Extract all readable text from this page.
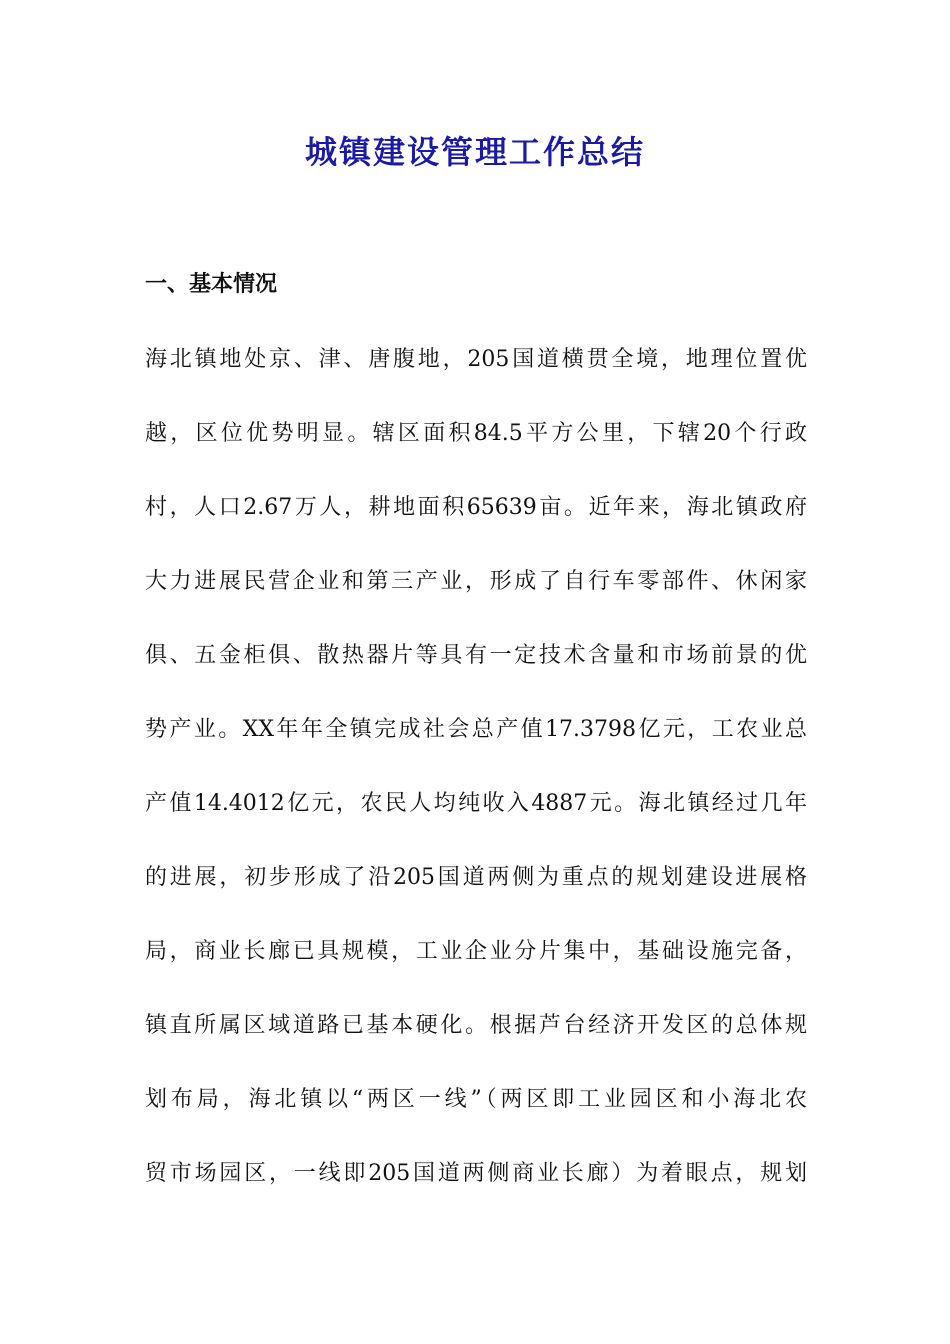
城镇建设管理工作总结
一、基本情况
海北镇地处京、津、唐腹地，205国道横贯全境，地理位置优
越，区位优势明显。辖区面积84.5平方公里，下辖20个行政
村，人口2.67万人，耕地面积65639亩。近年来，海北镇政府
大力进展民营企业和第三产业，形成了自行车零部件、休闲家
俱、五金柜俱、散热器片等具有一定技术含量和市场前景的优
势产业。XX年年全镇完成社会总产值17.3798亿元，工农业总
产值14.4012亿元，农民人均纯收入4887元。海北镇经过几年
的进展，初步形成了沿205国道两侧为重点的规划建设进展格
局，商业长廊已具规模，工业企业分片集中，基础设施完备，
镇直所属区域道路已基本硬化。根据芦台经济开发区的总体规
划布局，海北镇以“两区一线”（两区即工业园区和小海北农
贸市场园区，一线即205国道两侧商业长廊）为着眼点，规划
